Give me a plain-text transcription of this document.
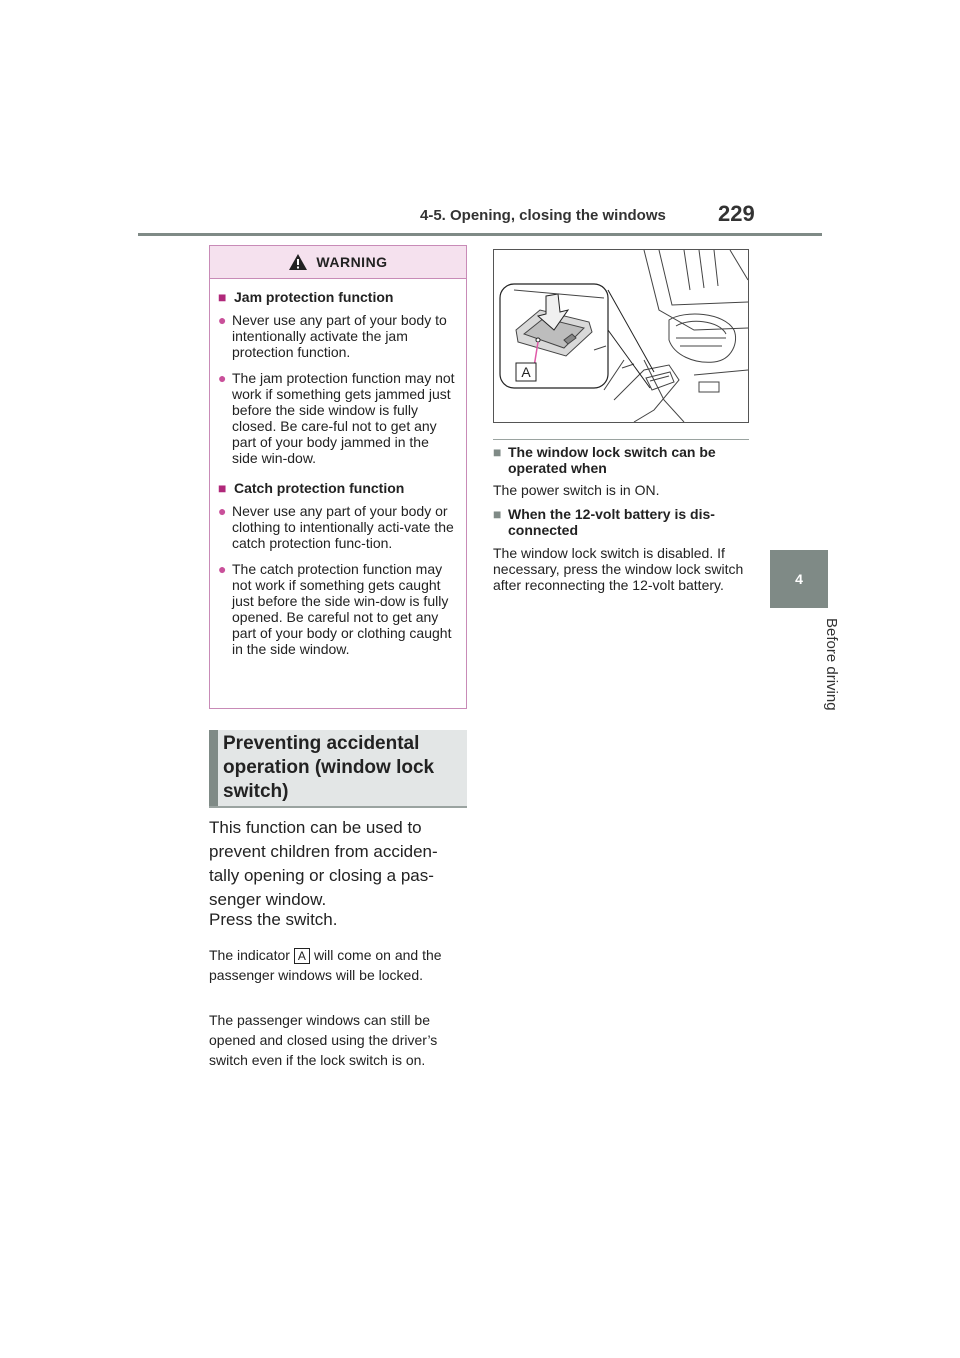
4-5. Opening, closing the windows 229
4
Before driving
WARNING
■ Jam protection function
● Never use any part of your body to intentionally activate the jam protection function.
● The jam protection function may not work if something gets jammed just before the side window is fully closed. Be care-ful not to get any part of your body jammed in the side win-dow.
■ Catch protection function
● Never use any part of your body or clothing to intentionally acti-vate the catch protection func-tion.
● The catch protection function may not work if something gets caught just before the side win-dow is fully opened. Be careful not to get any part of your body or clothing caught in the side window.
Preventing accidental operation (window lock switch)
This function can be used to prevent children from acciden-tally opening or closing a pas-senger window.
Press the switch.
The indicator A will come on and the passenger windows will be locked.
The passenger windows can still be opened and closed using the driver’s switch even if the lock switch is on.
A
■ The window lock switch can be operated when
The power switch is in ON.
■ When the 12-volt battery is dis-connected
The window lock switch is disabled. If necessary, press the window lock switch after reconnecting the 12-volt battery.
